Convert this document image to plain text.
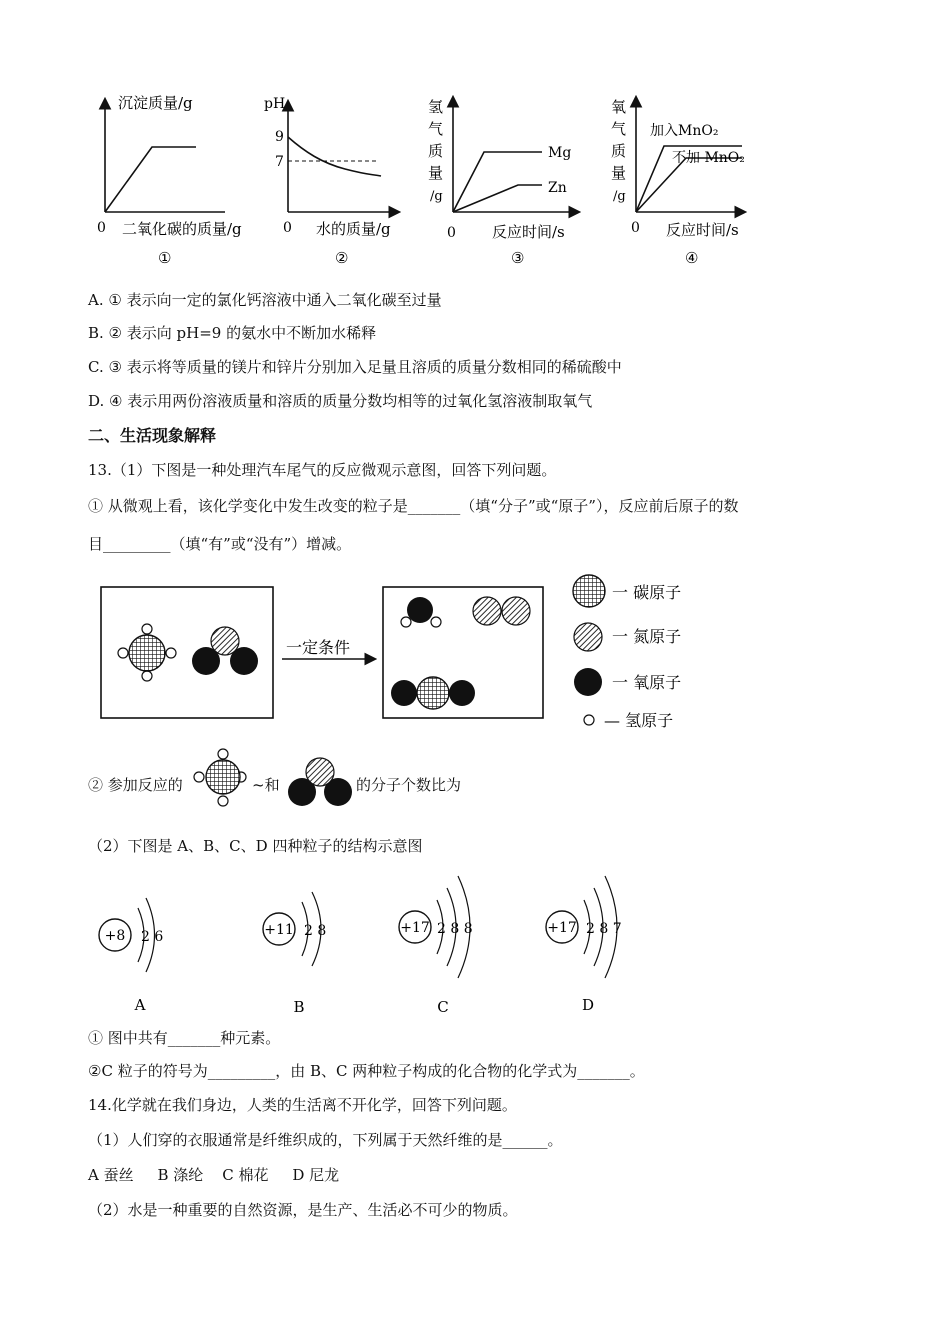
沉淀质量/g
0 二氧化碳的质量/g
①
pH
9
7
0 水的质量/g
②
氢 气 质 量 /g
Mg
Zn
0 反应时间/s
③
氧 气 质 量 /g
加入MnO₂
不加 MnO₂
0 反应时间/s
④
A. ① 表示向一定的氯化钙溶液中通入二氧化碳至过量
B. ② 表示向 pH=9 的氨水中不断加水稀释
C. ③ 表示将等质量的镁片和锌片分别加入足量且溶质的质量分数相同的稀硫酸中
D. ④ 表示用两份溶液质量和溶质的质量分数均相等的过氧化氢溶液制取氧气
二、生活现象解释
13.（1）下图是一种处理汽车尾气的反应微观示意图，回答下列问题。
① 从微观上看，该化学变化中发生改变的粒子是_______（填“分子”或“原子”），反应前后原子的数
目_________（填“有”或“没有”）增减。
一定条件
一 碳原子
一 氮原子
一 氧原子
— 氢原子
② 参加反应的	~和	的分子个数比为
（2）下图是 A、B、C、D 四种粒子的结构示意图
+8 2 6
A
+11 2 8
B
+17 2 8 8
C
+17 2 8 7
D
① 图中共有_______种元素。
②C 粒子的符号为_________，由 B、C 两种粒子构成的化合物的化学式为_______。
14.化学就在我们身边，人类的生活离不开化学，回答下列问题。
（1）人们穿的衣服通常是纤维织成的，下列属于天然纤维的是______。
A 蚕丝     B 涤纶    C 棉花     D 尼龙
（2）水是一种重要的自然资源，是生产、生活必不可少的物质。
